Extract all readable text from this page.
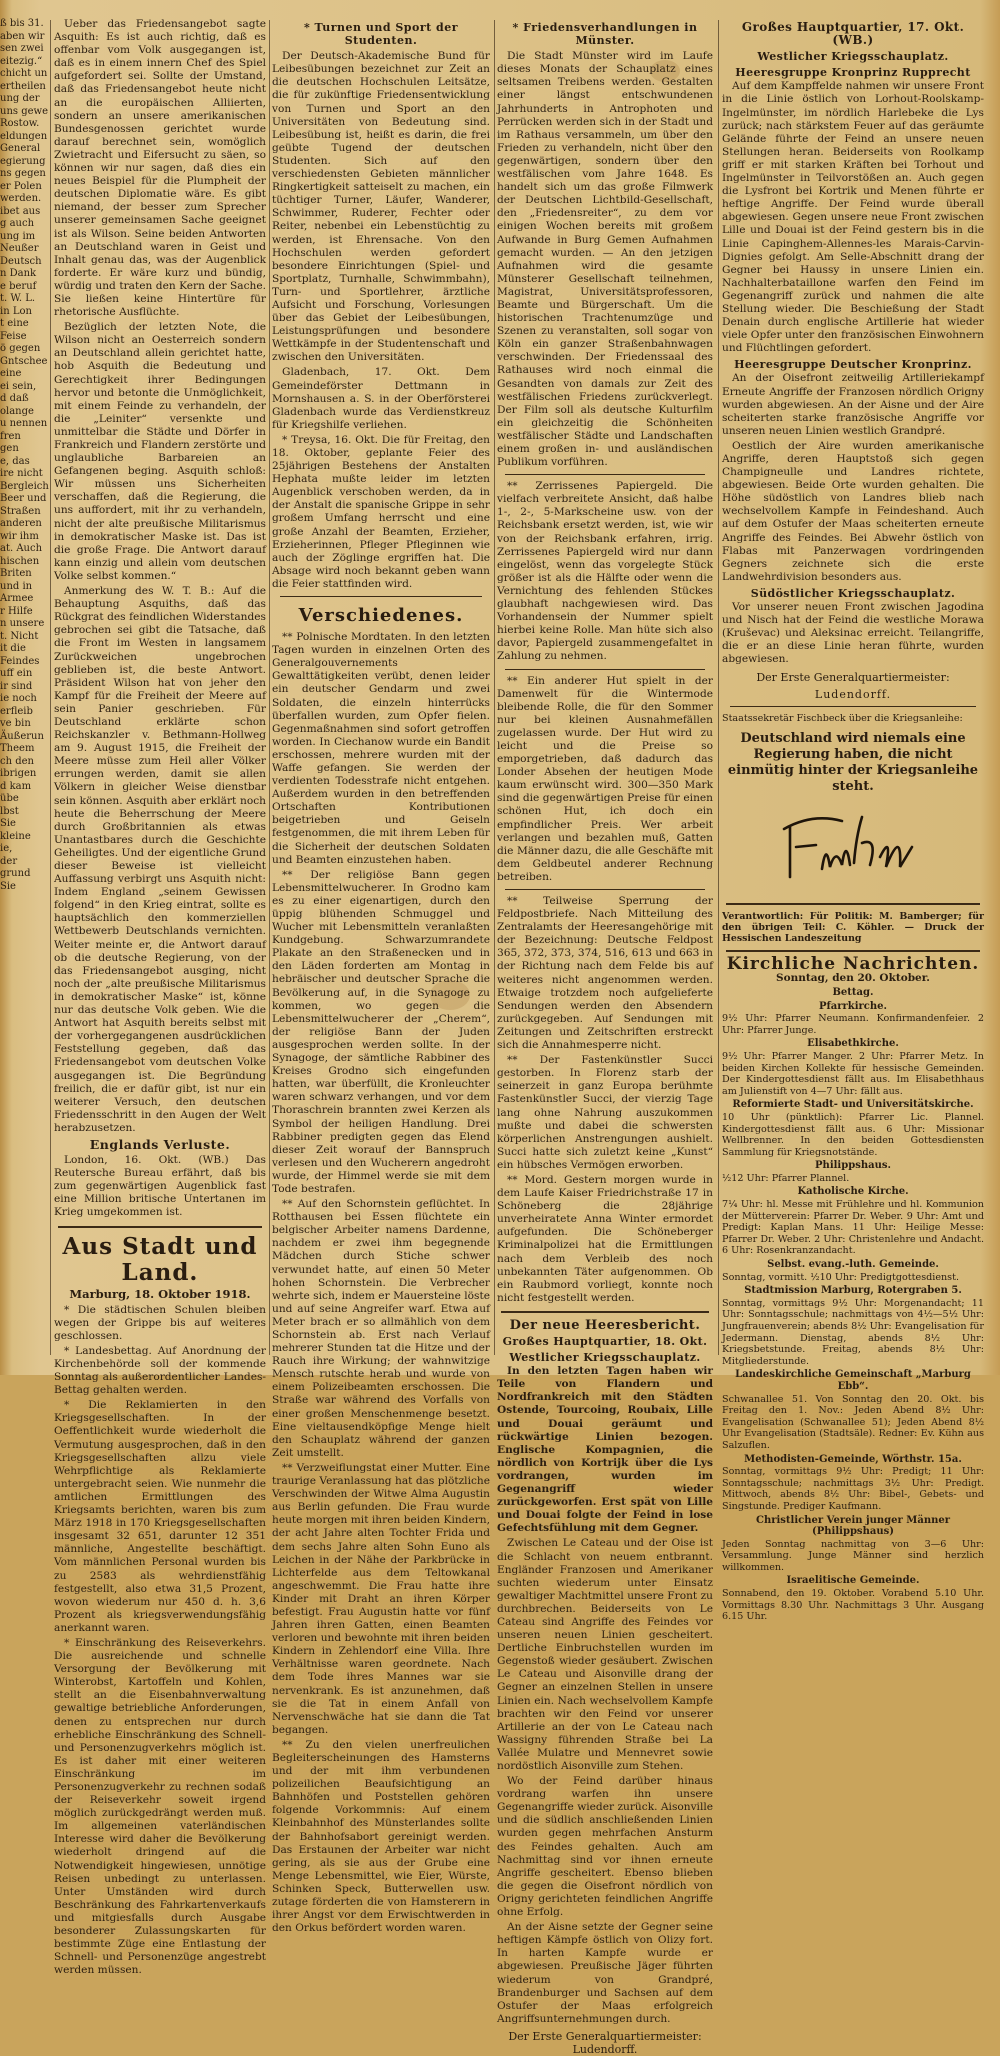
ß bis 31.
aben wir
sen zwei
eitezig.“
chicht un
ertheilen
ung der
uns gewe
Rostow.
eldungen
General
egierung
ns gegen
er Polen
werden.
ibet aus
g auch
ung im
Neußer
Deutsch
n Dank
e beruf
t. W. L.
in Lon
t eine
Feise
ö gegen
Gntschee
eine
ei sein,
d daß
olange
u nennen
fren
gen
e, das
ire nicht
Bergleich
Beer und
Straßen
anderen
wir ihm
at. Auch
hischen
Briten
und in
Armee
r Hilfe
n unsere
t. Nicht
it die
Feindes
uff ein
ir sind
ie noch
erfleib
ve bin
Äußerun
Theem
ch den
ibrigen
d kam
übe
lbst
Sie
kleine
ie,
der
grund
Sie

Ueber das Friedensangebot sagte Asquith: Es ist auch richtig, daß es offenbar vom Volk ausgegangen ist, daß es in einem innern Chef des Spiel aufgefordert sei. Sollte der Umstand, daß das Friedensangebot heute nicht an die europäischen Alliierten, sondern an unsere amerikanischen Bundesgenossen gerichtet wurde darauf berechnet sein, womöglich Zwietracht und Eifersucht zu säen, so können wir nur sagen, daß dies ein neues Beispiel für die Plumpheit der deutschen Diplomatie wäre. Es gibt niemand, der besser zum Sprecher unserer gemeinsamen Sache geeignet ist als Wilson. Seine beiden Antworten an Deutschland waren in Geist und Inhalt genau das, was der Augenblick forderte. Er wäre kurz und bündig, würdig und traten den Kern der Sache. Sie ließen keine Hintertüre für rhetorische Ausflüchte.

Bezüglich der letzten Note, die Wilson nicht an Oesterreich sondern an Deutschland allein gerichtet hatte, hob Asquith die Bedeutung und Gerechtigkeit ihrer Bedingungen hervor und betonte die Unmöglichkeit, mit einem Feinde zu verhandeln, der die „Leiniter“ versenkte und unmittelbar die Städte und Dörfer in Frankreich und Flandern zerstörte und unglaubliche Barbareien an Gefangenen beging. Asquith schloß: Wir müssen uns Sicherheiten verschaffen, daß die Regierung, die uns auffordert, mit ihr zu verhandeln, nicht der alte preußische Militarismus in demokratischer Maske ist. Das ist die große Frage. Die Antwort darauf kann einzig und allein vom deutschen Volke selbst kommen.“

Anmerkung des W. T. B.: Auf die Behauptung Asquiths, daß das Rückgrat des feindlichen Widerstandes gebrochen sei gibt die Tatsache, daß die Front im Westen in langsamem Zurückweichen ungebrochen geblieben ist, die beste Antwort. Präsident Wilson hat von jeher den Kampf für die Freiheit der Meere auf sein Panier geschrieben. Für Deutschland erklärte schon Reichskanzler v. Bethmann-Hollweg am 9. August 1915, die Freiheit der Meere müsse zum Heil aller Völker errungen werden, damit sie allen Völkern in gleicher Weise dienstbar sein können. Asquith aber erklärt noch heute die Beherrschung der Meere durch Großbritannien als etwas Unantastbares durch die Geschichte Geheiligtes. Und der eigentliche Grund dieser Beweise ist vielleicht Auffassung verbirgt uns Asquith nicht: Indem England „seinem Gewissen folgend“ in den Krieg eintrat, sollte es hauptsächlich den kommerziellen Wettbewerb Deutschlands vernichten. Weiter meinte er, die Antwort darauf ob die deutsche Regierung, von der das Friedensangebot ausging, nicht noch der „alte preußische Militarismus in demokratischer Maske“ ist, könne nur das deutsche Volk geben. Wie die Antwort hat Asquith bereits selbst mit der vorhergegangenen ausdrücklichen Feststellung gegeben, daß das Friedensangebot vom deutschen Volke ausgegangen ist. Die Begründung freilich, die er dafür gibt, ist nur ein weiterer Versuch, den deutschen Friedensschritt in den Augen der Welt herabzusetzen.

Englands Verluste.

London, 16. Okt. (WB.) Das Reutersche Bureau erfährt, daß bis zum gegenwärtigen Augenblick fast eine Million britische Untertanen im Krieg umgekommen ist.

Aus Stadt und Land.
Marburg, 18. Oktober 1918.

* Die städtischen Schulen bleiben wegen der Grippe bis auf weiteres geschlossen.

* Landesbettag. Auf Anordnung der Kirchenbehörde soll der kommende Sonntag als außerordentlicher Landes-Bettag gehalten werden.

* Die Reklamierten in den Kriegsgesellschaften. In der Oeffentlichkeit wurde wiederholt die Vermutung ausgesprochen, daß in den Kriegsgesellschaften allzu viele Wehrpflichtige als Reklamierte untergebracht seien. Wie nunmehr die amtlichen Ermittlungen des Kriegsamts berichten, waren bis zum März 1918 in 170 Kriegsgesellschaften insgesamt 32 651, darunter 12 351 männliche, Angestellte beschäftigt. Vom männlichen Personal wurden bis zu 2583 als wehrdienstfähig festgestellt, also etwa 31,5 Prozent, wovon wiederum nur 450 d. h. 3,6 Prozent als kriegsverwendungsfähig anerkannt waren.

* Einschränkung des Reiseverkehrs. Die ausreichende und schnelle Versorgung der Bevölkerung mit Winterobst, Kartoffeln und Kohlen, stellt an die Eisenbahnverwaltung gewaltige betriebliche Anforderungen, denen zu entsprechen nur durch erhebliche Einschränkung des Schnell- und Personenzugverkehrs möglich ist. Es ist daher mit einer weiteren Einschränkung im Personenzugverkehr zu rechnen sodaß der Reiseverkehr soweit irgend möglich zurückgedrängt werden muß. Im allgemeinen vaterländischen Interesse wird daher die Bevölkerung wiederholt dringend auf die Notwendigkeit hingewiesen, unnötige Reisen unbedingt zu unterlassen. Unter Umständen wird durch Beschränkung des Fahrkartenverkaufs und mitgiesfalls durch Ausgabe besonderer Zulassungskarten für bestimmte Züge eine Entlastung der Schnell- und Personenzüge angestrebt werden müssen.

* Turnen und Sport der Studenten.

Der Deutsch-Akademische Bund für Leibesübungen bezeichnet zur Zeit an die deutschen Hochschulen Leitsätze, die für zukünftige Friedensentwicklung von Turnen und Sport an den Universitäten von Bedeutung sind. Leibesübung ist, heißt es darin, die frei geübte Tugend der deutschen Studenten. Sich auf den verschiedensten Gebieten männlicher Ringkertigkeit satteiselt zu machen, ein tüchtiger Turner, Läufer, Wanderer, Schwimmer, Ruderer, Fechter oder Reiter, nebenbei ein Lebenstüchtig zu werden, ist Ehrensache. Von den Hochschulen werden gefordert besondere Einrichtungen (Spiel- und Sportplatz, Turnhalle, Schwimmbahn), Turn- und Sportlehrer, ärztliche Aufsicht und Forschung, Vorlesungen über das Gebiet der Leibesübungen, Leistungsprüfungen und besondere Wettkämpfe in der Studentenschaft und zwischen den Universitäten.

Gladenbach, 17. Okt. Dem Gemeindeförster Dettmann in Mornshausen a. S. in der Oberförsterei Gladenbach wurde das Verdienstkreuz für Kriegshilfe verliehen.

* Treysa, 16. Okt. Die für Freitag, den 18. Oktober, geplante Feier des 25jährigen Bestehens der Anstalten Hephata mußte leider im letzten Augenblick verschoben werden, da in der Anstalt die spanische Grippe in sehr großem Umfang herrscht und eine große Anzahl der Beamten, Erzieher, Erzieherinnen, Pfleger Pfleginnen wie auch der Zöglinge ergriffen hat. Die Absage wird noch bekannt geben wann die Feier stattfinden wird.

Verschiedenes.

** Polnische Mordtaten. In den letzten Tagen wurden in einzelnen Orten des Generalgouvernements Gewalttätigkeiten verübt, denen leider ein deutscher Gendarm und zwei Soldaten, die einzeln hinterrücks überfallen wurden, zum Opfer fielen. Gegenmaßnahmen sind sofort getroffen worden. In Ciechanow wurde ein Bandit erschossen, mehrere wurden mit der Waffe gefangen. Sie werden der verdienten Todesstrafe nicht entgehen. Außerdem wurden in den betreffenden Ortschaften Kontributionen beigetrieben und Geiseln festgenommen, die mit ihrem Leben für die Sicherheit der deutschen Soldaten und Beamten einzustehen haben.

** Der religiöse Bann gegen Lebensmittelwucherer. In Grodno kam es zu einer eigenartigen, durch den üppig blühenden Schmuggel und Wucher mit Lebensmitteln veranlaßten Kundgebung. Schwarzumrandete Plakate an den Straßenecken und in den Läden forderten am Montag in hebräischer und deutscher Sprache die Bevölkerung auf, in die Synagoge zu kommen, wo gegen die Lebensmittelwucherer der „Cherem“, der religiöse Bann der Juden ausgesprochen werden sollte. In der Synagoge, der sämtliche Rabbiner des Kreises Grodno sich eingefunden hatten, war überfüllt, die Kronleuchter waren schwarz verhangen, und vor dem Thoraschrein brannten zwei Kerzen als Symbol der heiligen Handlung. Drei Rabbiner predigten gegen das Elend dieser Zeit worauf der Bannspruch verlesen und den Wucherern angedroht wurde, der Himmel werde sie mit dem Tode bestrafen.

** Auf den Schornstein geflüchtet. In Rotthausen bei Essen flüchtete ein belgischer Arbeiter namens Dardenne, nachdem er zwei ihm begegnende Mädchen durch Stiche schwer verwundet hatte, auf einen 50 Meter hohen Schornstein. Die Verbrecher wehrte sich, indem er Mauersteine löste und auf seine Angreifer warf. Etwa auf Meter brach er so allmählich von dem Schornstein ab. Erst nach Verlauf mehrerer Stunden tat die Hitze und der Rauch ihre Wirkung; der wahnwitzige Mensch rutschte herab und wurde von einem Polizeibeamten erschossen. Die Straße war während des Vorfalls von einer großen Menschenmenge besetzt. Eine vieltausendköpfige Menge hielt den Schauplatz während der ganzen Zeit umstellt.

** Verzweiflungstat einer Mutter. Eine traurige Veranlassung hat das plötzliche Verschwinden der Witwe Alma Augustin aus Berlin gefunden. Die Frau wurde heute morgen mit ihren beiden Kindern, der acht Jahre alten Tochter Frida und dem sechs Jahre alten Sohn Euno als Leichen in der Nähe der Parkbrücke in Lichterfelde aus dem Teltowkanal angeschwemmt. Die Frau hatte ihre Kinder mit Draht an ihren Körper befestigt. Frau Augustin hatte vor fünf Jahren ihren Gatten, einen Beamten verloren und bewohnte mit ihren beiden Kindern in Zehlendorf eine Villa. Ihre Verhältnisse waren geordnete. Nach dem Tode ihres Mannes war sie nervenkrank. Es ist anzunehmen, daß sie die Tat in einem Anfall von Nervenschwäche hat sie dann die Tat begangen.

** Zu den vielen unerfreulichen Begleiterscheinungen des Hamsterns und der mit ihm verbundenen polizeilichen Beaufsichtigung an Bahnhöfen und Poststellen gehören folgende Vorkommnis: Auf einem Kleinbahnhof des Münsterlandes sollte der Bahnhofsabort gereinigt werden. Das Erstaunen der Arbeiter war nicht gering, als sie aus der Grube eine Menge Lebensmittel, wie Eier, Würste, Schinken Speck, Butterwellen usw. zutage förderten die von Hamsterern in ihrer Angst vor dem Erwischtwerden in den Orkus befördert worden waren.

* Friedensverhandlungen in Münster.

Die Stadt Münster wird im Laufe dieses Monats der Schauplatz eines seltsamen Treibens werden. Gestalten einer längst entschwundenen Jahrhunderts in Antrophoten und Perrücken werden sich in der Stadt und im Rathaus versammeln, um über den Frieden zu verhandeln, nicht über den gegenwärtigen, sondern über den westfälischen vom Jahre 1648. Es handelt sich um das große Filmwerk der Deutschen Lichtbild-Gesellschaft, den „Friedensreiter“, zu dem vor einigen Wochen bereits mit großem Aufwande in Burg Gemen Aufnahmen gemacht wurden. — An den jetzigen Aufnahmen wird die gesamte Münsterer Gesellschaft teilnehmen, Magistrat, Universitätsprofessoren, Beamte und Bürgerschaft. Um die historischen Trachtenumzüge und Szenen zu veranstalten, soll sogar von Köln ein ganzer Straßenbahnwagen verschwinden. Der Friedenssaal des Rathauses wird noch einmal die Gesandten von damals zur Zeit des westfälischen Friedens zurückverlegt. Der Film soll als deutsche Kulturfilm ein gleichzeitig die Schönheiten westfälischer Städte und Landschaften einem großen in- und ausländischen Publikum vorführen.

** Zerrissenes Papiergeld. Die vielfach verbreitete Ansicht, daß halbe 1-, 2-, 5-Markscheine usw. von der Reichsbank ersetzt werden, ist, wie wir von der Reichsbank erfahren, irrig. Zerrissenes Papiergeld wird nur dann eingelöst, wenn das vorgelegte Stück größer ist als die Hälfte oder wenn die Vernichtung des fehlenden Stückes glaubhaft nachgewiesen wird. Das Vorhandensein der Nummer spielt hierbei keine Rolle. Man hüte sich also davor, Papiergeld zusammengefaltet in Zahlung zu nehmen.

** Ein anderer Hut spielt in der Damenwelt für die Wintermode bleibende Rolle, die für den Sommer nur bei kleinen Ausnahmefällen zugelassen wurde. Der Hut wird zu leicht und die Preise so emporgetrieben, daß dadurch das Londer Absehen der heutigen Mode kaum erwünscht wird. 300—350 Mark sind die gegenwärtigen Preise für einen schönen Hut, ich doch ein empfindlicher Preis. Wer arbeit verlangen und bezahlen muß, Gatten die Männer dazu, die alle Geschäfte mit dem Geldbeutel anderer Rechnung betreiben.

** Teilweise Sperrung der Feldpostbriefe. Nach Mitteilung des Zentralamts der Heeresangehörige mit der Bezeichnung: Deutsche Feldpost 365, 372, 373, 374, 516, 613 und 663 in der Richtung nach dem Felde bis auf weiteres nicht angenommen werden. Etwaige trotzdem noch aufgelieferte Sendungen werden den Absendern zurückgegeben. Auf Sendungen mit Zeitungen und Zeitschriften erstreckt sich die Annahmesperre nicht.

** Der Fastenkünstler Succi gestorben. In Florenz starb der seinerzeit in ganz Europa berühmte Fastenkünstler Succi, der vierzig Tage lang ohne Nahrung auszukommen mußte und dabei die schwersten körperlichen Anstrengungen aushielt. Succi hatte sich zuletzt keine „Kunst“ ein hübsches Vermögen erworben.

** Mord. Gestern morgen wurde in dem Laufe Kaiser Friedrichstraße 17 in Schöneberg die 28jährige unverheiratete Anna Winter ermordet aufgefunden. Die Schöneberger Kriminalpolizei hat die Ermittlungen nach dem Verbleib des noch unbekannten Täter aufgenommen. Ob ein Raubmord vorliegt, konnte noch nicht festgestellt werden.

Der neue Heeresbericht.
Großes Hauptquartier, 18. Okt.
Westlicher Kriegsschauplatz.

In den letzten Tagen haben wir Teile von Flandern und Nordfrankreich mit den Städten Ostende, Tourcoing, Roubaix, Lille und Douai geräumt und rückwärtige Linien bezogen. Englische Kompagnien, die nördlich von Kortrijk über die Lys vordrangen, wurden im Gegenangriff wieder zurückgeworfen. Erst spät von Lille und Douai folgte der Feind in lose Gefechtsfühlung mit dem Gegner.

Zwischen Le Cateau und der Oise ist die Schlacht von neuem entbrannt. Engländer Franzosen und Amerikaner suchten wiederum unter Einsatz gewaltiger Machtmittel unsere Front zu durchbrechen. Beiderseits von Le Cateau sind Angriffe des Feindes vor unseren neuen Linien gescheitert. Dertliche Einbruchstellen wurden im Gegenstoß wieder gesäubert. Zwischen Le Cateau und Aisonville drang der Gegner an einzelnen Stellen in unsere Linien ein. Nach wechselvollem Kampfe brachten wir den Feind vor unserer Artillerie an der von Le Cateau nach Wassigny führenden Straße bei La Vallée Mulatre und Mennevret sowie nordöstlich Aisonville zum Stehen.

Wo der Feind darüber hinaus vordrang warfen ihn unsere Gegenangriffe wieder zurück. Aisonville und die südlich anschließenden Linien wurden gegen mehrfachen Ansturm des Feindes gehalten. Auch am Nachmittag sind vor ihnen erneute Angriffe gescheitert. Ebenso blieben die gegen die Oisefront nördlich von Origny gerichteten feindlichen Angriffe ohne Erfolg.

An der Aisne setzte der Gegner seine heftigen Kämpfe östlich von Olizy fort. In harten Kampfe wurde er abgewiesen. Preußische Jäger führten wiederum von Grandpré, Brandenburger und Sachsen auf dem Ostufer der Maas erfolgreich Angriffsunternehmungen durch.

Der Erste Generalquartiermeister: Ludendorff.
Großes Hauptquartier, 17. Okt. (WB.)
Westlicher Kriegsschauplatz.
Heeresgruppe Kronprinz Rupprecht

Auf dem Kampffelde nahmen wir unsere Front in die Linie östlich von Lorhout-Roolskamp-Ingelmünster, im nördlich Harlebeke die Lys zurück; nach stärkstem Feuer auf das geräumte Gelände führte der Feind an unsere neuen Stellungen heran. Beiderseits von Roolkamp griff er mit starken Kräften bei Torhout und Ingelmünster in Teilvorstößen an. Auch gegen die Lysfront bei Kortrik und Menen führte er heftige Angriffe. Der Feind wurde überall abgewiesen. Gegen unsere neue Front zwischen Lille und Douai ist der Feind gestern bis in die Linie Capinghem-Allennes-les Marais-Carvin-Dignies gefolgt. Am Selle-Abschnitt drang der Gegner bei Haussy in unsere Linien ein. Nachhalterbataillone warfen den Feind im Gegenangriff zurück und nahmen die alte Stellung wieder. Die Beschießung der Stadt Denain durch englische Artillerie hat wieder viele Opfer unter den französischen Einwohnern und Flüchtlingen gefordert.

Heeresgruppe Deutscher Kronprinz.

An der Oisefront zeitweilig Artilleriekampf Erneute Angriffe der Franzosen nördlich Origny wurden abgewiesen. An der Aisne und der Aire scheiterten starke französische Angriffe vor unseren neuen Linien westlich Grandpré.

Oestlich der Aire wurden amerikanische Angriffe, deren Hauptstoß sich gegen Champigneulle und Landres richtete, abgewiesen. Beide Orte wurden gehalten. Die Höhe südöstlich von Landres blieb nach wechselvollem Kampfe in Feindeshand. Auch auf dem Ostufer der Maas scheiterten erneute Angriffe des Feindes. Bei Abwehr östlich von Flabas mit Panzerwagen vordringenden Gegners zeichnete sich die erste Landwehrdivision besonders aus.

Südöstlicher Kriegsschauplatz.

Vor unserer neuen Front zwischen Jagodina und Nisch hat der Feind die westliche Morawa (Kruševac) und Aleksinac erreicht. Teilangriffe, die er an diese Linie heran führte, wurden abgewiesen.

Der Erste Generalquartiermeister:
Ludendorff.

Staatssekretär Fischbeck über die Kriegsanleihe:

Deutschland wird niemals eine Regierung haben, die nicht einmütig hinter der Kriegsanleihe steht.

Verantwortlich: Für Politik: M. Bamberger; für den übrigen Teil: C. Köhler. — Druck der Hessischen Landeszeitung

Kirchliche Nachrichten.
Sonntag, den 20. Oktober.
Bettag.
Pfarrkirche.

9½ Uhr: Pfarrer Neumann. Konfirmandenfeier. 2 Uhr: Pfarrer Junge.

Elisabethkirche.

9½ Uhr: Pfarrer Manger. 2 Uhr: Pfarrer Metz. In beiden Kirchen Kollekte für hessische Gemeinden. Der Kindergottesdienst fällt aus. Im Elisabethhaus am Julienstift von 4—7 Uhr: fällt aus.

Reformierte Stadt- und Universitätskirche.

10 Uhr (pünktlich): Pfarrer Lic. Plannel. Kindergottesdienst fällt aus. 6 Uhr: Missionar Wellbrenner. In den beiden Gottesdiensten Sammlung für Kriegsnotstände.

Philippshaus.

½12 Uhr: Pfarrer Plannel.

Katholische Kirche.

7¼ Uhr: hl. Messe mit Frühlehre und hl. Kommunion der Mütterverein: Pfarrer Dr. Weber. 9 Uhr: Amt und Predigt: Kaplan Mans. 11 Uhr: Heilige Messe: Pfarrer Dr. Weber. 2 Uhr: Christenlehre und Andacht. 6 Uhr: Rosenkranzandacht.

Selbst. evang.-luth. Gemeinde.

Sonntag, vormitt. ½10 Uhr: Predigtgottesdienst.

Stadtmission Marburg, Rotergraben 5.

Sonntag, vormittags 9½ Uhr: Morgenandacht; 11 Uhr: Sonntagsschule; nachmittags von 4½—5½ Uhr: Jungfrauenverein; abends 8½ Uhr: Evangelisation für Jedermann. Dienstag, abends 8½ Uhr: Kriegsbetstunde. Freitag, abends 8½ Uhr: Mitgliederstunde.

Landeskirchliche Gemeinschaft „Marburg Ebb“.

Schwanallee 51. Von Sonntag den 20. Okt. bis Freitag den 1. Nov.: Jeden Abend 8½ Uhr: Evangelisation (Schwanallee 51); Jeden Abend 8½ Uhr Evangelisation (Stadtsäle). Redner: Ev. Kühn aus Salzuflen.

Methodisten-Gemeinde, Wörthstr. 15a.

Sonntag, vormittags 9½ Uhr: Predigt; 11 Uhr: Sonntagsschule; nachmittags 3½ Uhr: Predigt. Mittwoch, abends 8½ Uhr: Bibel-, Gebets- und Singstunde. Prediger Kaufmann.

Christlicher Verein junger Männer (Philippshaus)

Jeden Sonntag nachmittag von 3—6 Uhr: Versammlung. Junge Männer sind herzlich willkommen.

Israelitische Gemeinde.

Sonnabend, den 19. Oktober. Vorabend 5.10 Uhr. Vormittags 8.30 Uhr. Nachmittags 3 Uhr. Ausgang 6.15 Uhr.
